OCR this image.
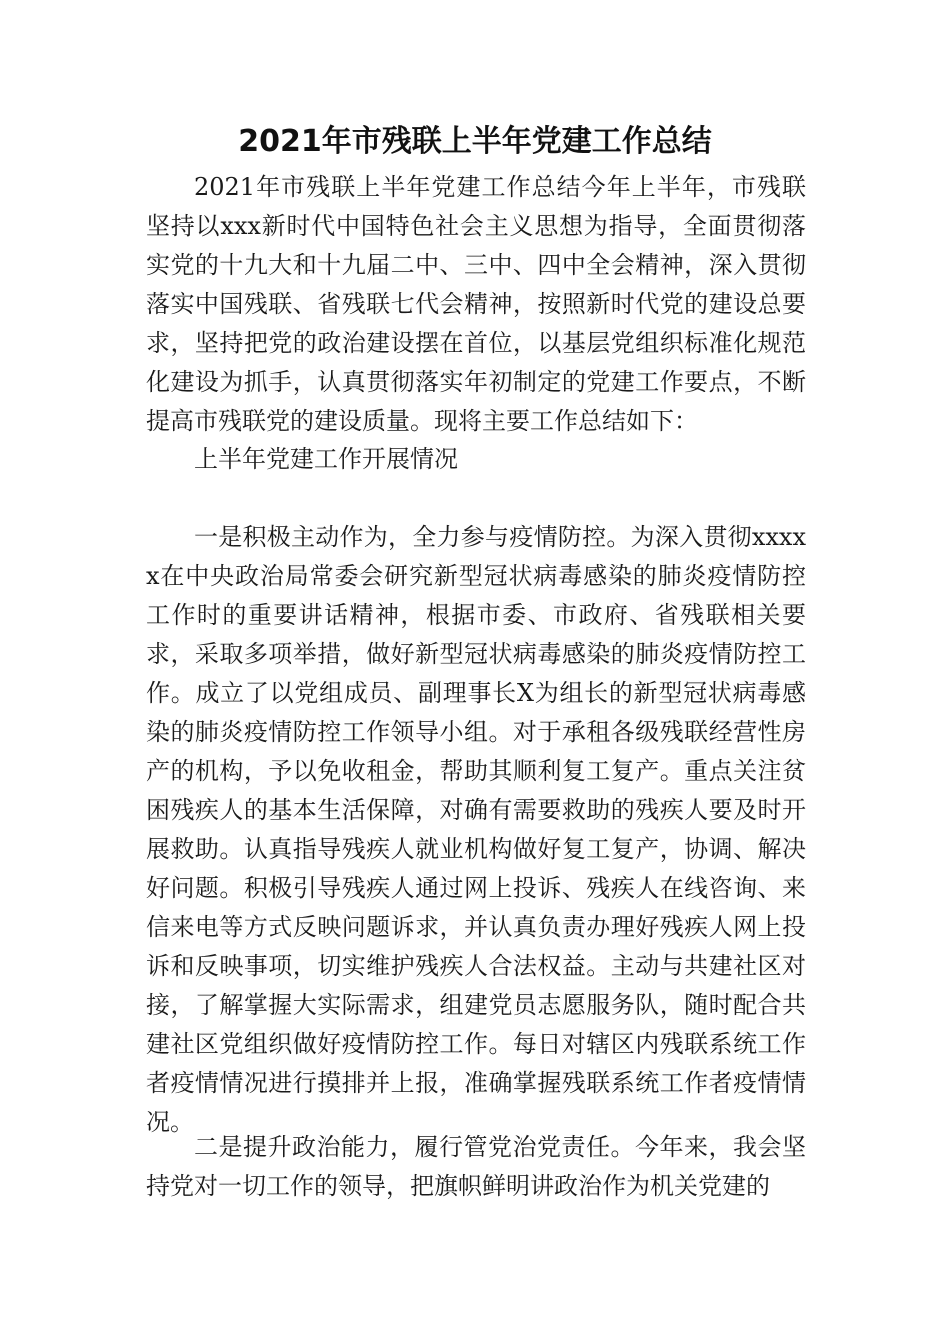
2021年市残联上半年党建工作总结

2021年市残联上半年党建工作总结今年上半年，市残联坚持以xxx新时代中国特色社会主义思想为指导，全面贯彻落实党的十九大和十九届二中、三中、四中全会精神，深入贯彻落实中国残联、省残联七代会精神，按照新时代党的建设总要求，坚持把党的政治建设摆在首位，以基层党组织标准化规范化建设为抓手，认真贯彻落实年初制定的党建工作要点，不断提高市残联党的建设质量。现将主要工作总结如下：

上半年党建工作开展情况

一是积极主动作为，全力参与疫情防控。为深入贯彻xxxxx在中央政治局常委会研究新型冠状病毒感染的肺炎疫情防控工作时的重要讲话精神，根据市委、市政府、省残联相关要求，采取多项举措，做好新型冠状病毒感染的肺炎疫情防控工作。成立了以党组成员、副理事长X为组长的新型冠状病毒感染的肺炎疫情防控工作领导小组。对于承租各级残联经营性房产的机构，予以免收租金，帮助其顺利复工复产。重点关注贫困残疾人的基本生活保障，对确有需要救助的残疾人要及时开展救助。认真指导残疾人就业机构做好复工复产，协调、解决好问题。积极引导残疾人通过网上投诉、残疾人在线咨询、来信来电等方式反映问题诉求，并认真负责办理好残疾人网上投诉和反映事项，切实维护残疾人合法权益。主动与共建社区对接，了解掌握大实际需求，组建党员志愿服务队，随时配合共建社区党组织做好疫情防控工作。每日对辖区内残联系统工作者疫情情况进行摸排并上报，准确掌握残联系统工作者疫情情况。

二是提升政治能力，履行管党治党责任。今年来，我会坚持党对一切工作的领导，把旗帜鲜明讲政治作为机关党建的
